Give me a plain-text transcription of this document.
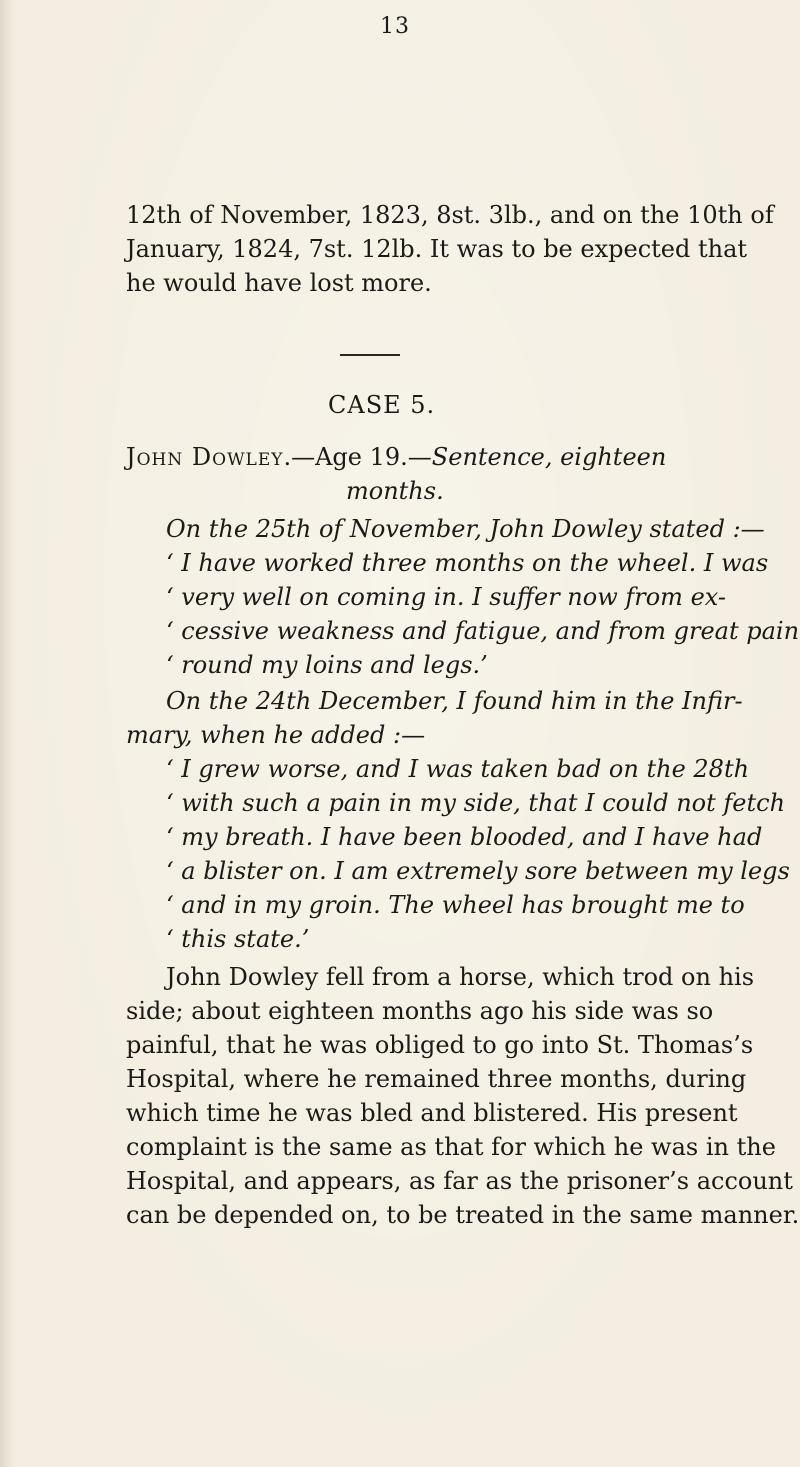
13
12th of November, 1823, 8st. 3lb., and on the 10th of
January, 1824, 7st. 12lb. It was to be expected that
he would have lost more.
CASE 5.
John Dowley.—Age 19.—Sentence, eighteen
months.
On the 25th of November, John Dowley stated :—
‘ I have worked three months on the wheel. I was
‘ very well on coming in. I suffer now from ex-
‘ cessive weakness and fatigue, and from great pain
‘ round my loins and legs.’
On the 24th December, I found him in the Infir-
mary, when he added :—
‘ I grew worse, and I was taken bad on the 28th
‘ with such a pain in my side, that I could not fetch
‘ my breath. I have been blooded, and I have had
‘ a blister on. I am extremely sore between my legs
‘ and in my groin. The wheel has brought me to
‘ this state.’
John Dowley fell from a horse, which trod on his
side; about eighteen months ago his side was so
painful, that he was obliged to go into St. Thomas’s
Hospital, where he remained three months, during
which time he was bled and blistered. His present
complaint is the same as that for which he was in the
Hospital, and appears, as far as the prisoner’s account
can be depended on, to be treated in the same manner.
